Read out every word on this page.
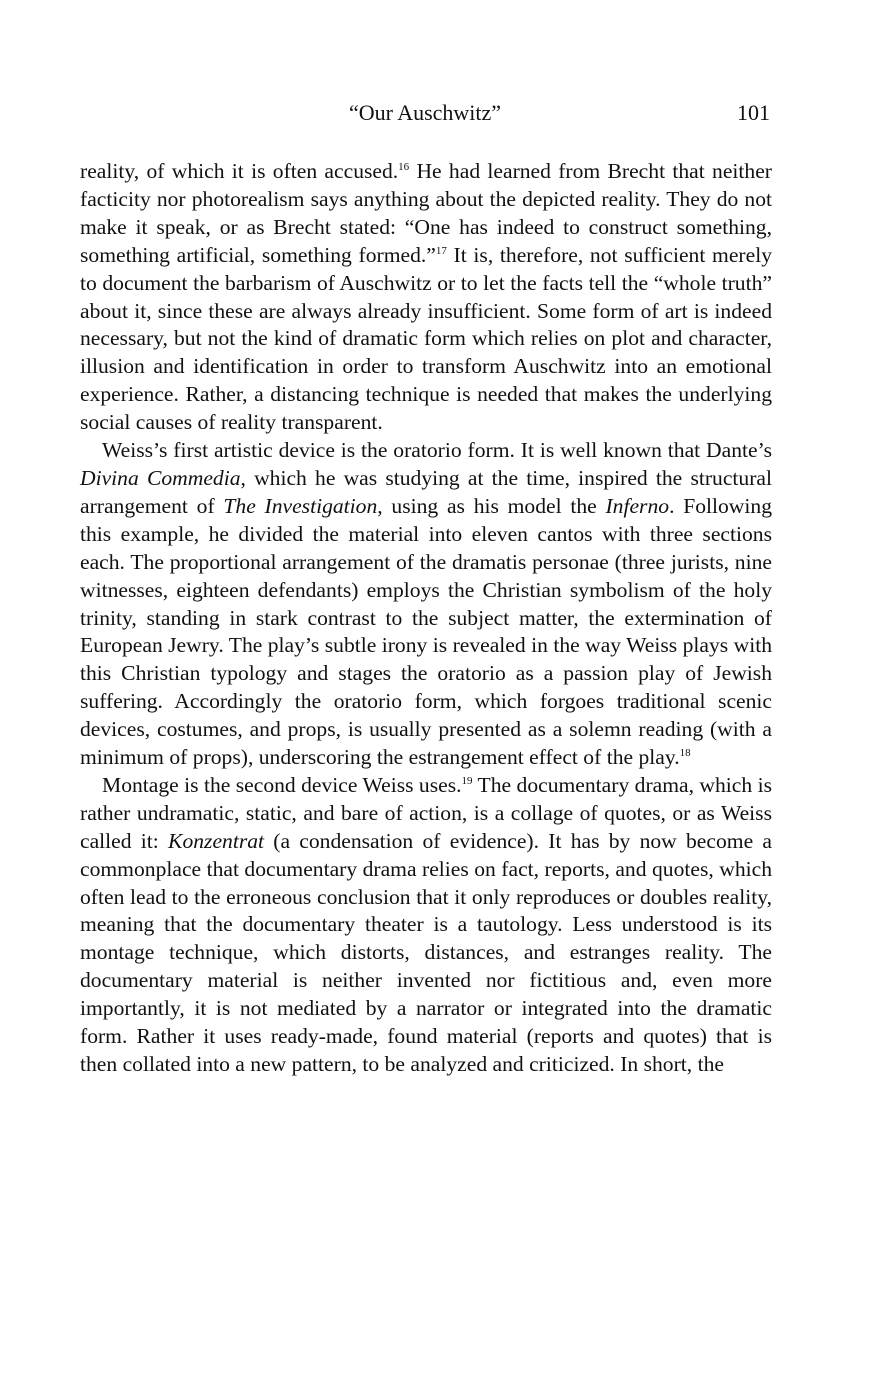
“Our Auschwitz”	101

reality, of which it is often accused.$^{16}$ He had learned from Brecht that neither facticity nor photorealism says anything about the depicted reality. They do not make it speak, or as Brecht stated: “One has indeed to construct something, something artificial, something formed.”$^{17}$ It is, therefore, not sufficient merely to document the barbarism of Auschwitz or to let the facts tell the “whole truth” about it, since these are always already insufficient. Some form of art is indeed necessary, but not the kind of dramatic form which relies on plot and character, illusion and identification in order to transform Auschwitz into an emotional experience. Rather, a distancing technique is needed that makes the underlying social causes of reality transparent.

Weiss’s first artistic device is the oratorio form. It is well known that Dante’s Divina Commedia, which he was studying at the time, inspired the structural arrangement of The Investigation, using as his model the Inferno. Following this example, he divided the material into eleven cantos with three sections each. The proportional arrangement of the dramatis personae (three jurists, nine witnesses, eighteen defendants) employs the Christian symbolism of the holy trinity, standing in stark contrast to the subject matter, the extermination of European Jewry. The play’s subtle irony is revealed in the way Weiss plays with this Christian typology and stages the oratorio as a passion play of Jewish suffering. Accordingly the oratorio form, which forgoes traditional scenic devices, costumes, and props, is usually presented as a solemn reading (with a minimum of props), underscoring the estrangement effect of the play.$^{18}$

Montage is the second device Weiss uses.$^{19}$ The documentary drama, which is rather undramatic, static, and bare of action, is a collage of quotes, or as Weiss called it: Konzentrat (a condensation of evidence). It has by now become a commonplace that documentary drama relies on fact, reports, and quotes, which often lead to the erroneous conclusion that it only reproduces or doubles reality, meaning that the documentary theater is a tautology. Less understood is its montage technique, which distorts, distances, and estranges reality. The documentary material is neither invented nor fictitious and, even more importantly, it is not mediated by a narrator or integrated into the dramatic form. Rather it uses ready-made, found material (reports and quotes) that is then collated into a new pattern, to be analyzed and criticized. In short, the
